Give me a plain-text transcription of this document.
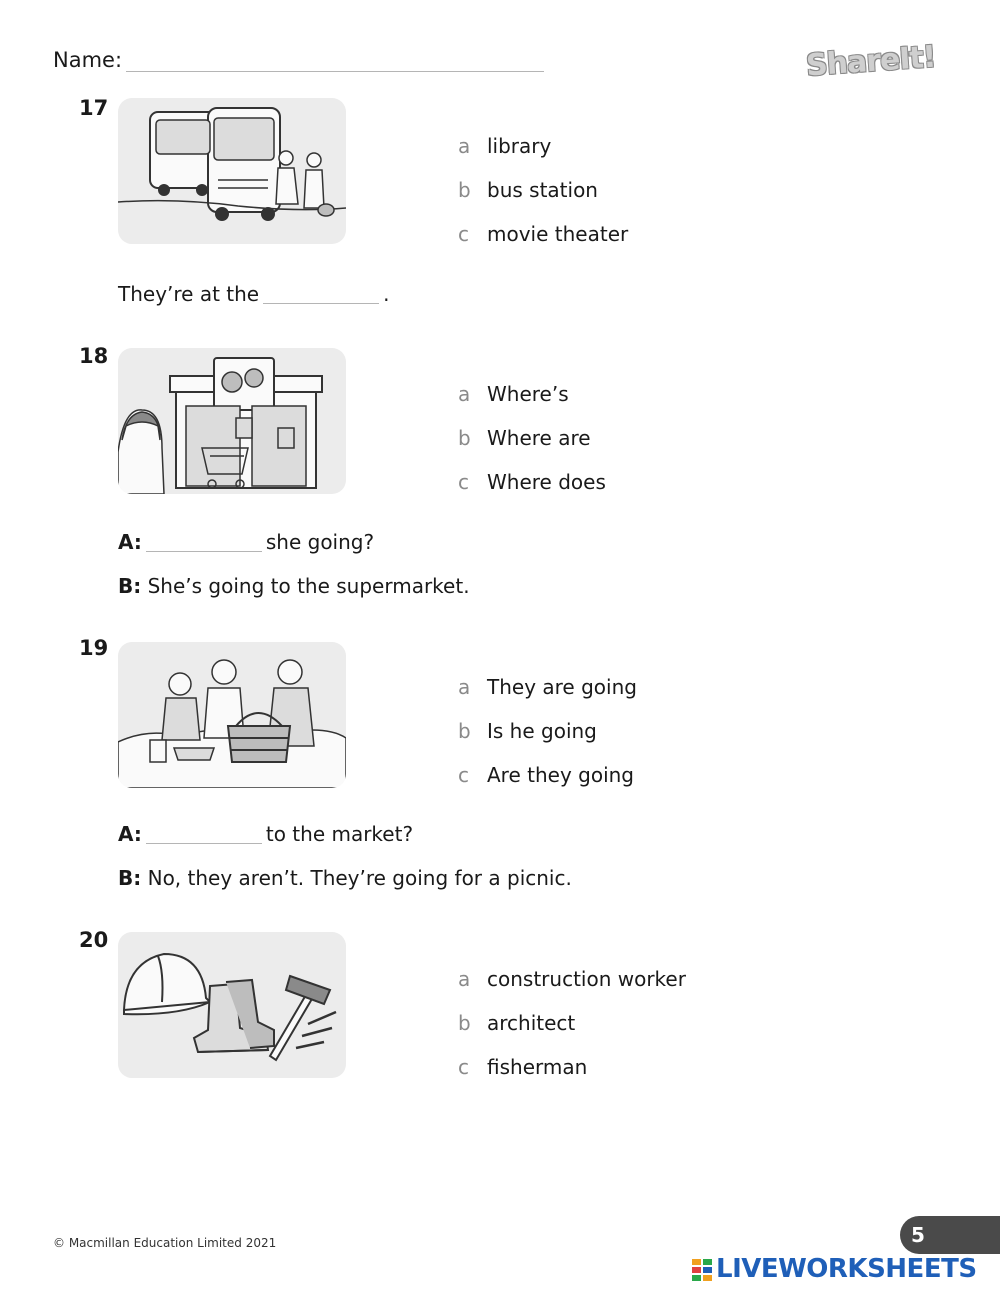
Name:	ShareIt!
17
a library
b bus station
c movie theater
They’re at the	.
18
a Where’s
b Where are
c Where does
A:	she going?
B: She’s going to the supermarket.
19
a They are going
b Is he going
c Are they going
A:	to the market?
B: No, they aren’t. They’re going for a picnic.
20
a construction worker
b architect
c fisherman
© Macmillan Education Limited 2021	5
LIVEWORKSHEETS
